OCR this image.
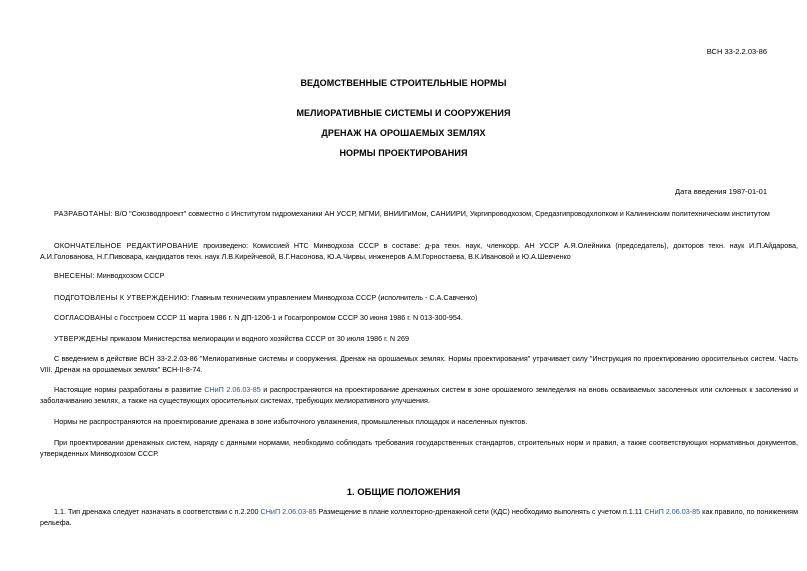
ВСН 33-2.2.03-86
ВЕДОМСТВЕННЫЕ СТРОИТЕЛЬНЫЕ НОРМЫ
МЕЛИОРАТИВНЫЕ СИСТЕМЫ И СООРУЖЕНИЯ
ДРЕНАЖ НА ОРОШАЕМЫХ ЗЕМЛЯХ
НОРМЫ ПРОЕКТИРОВАНИЯ
Дата введения 1987-01-01
РАЗРАБОТАНЫ: В/О "Союзводпроект" совместно с Институтом гидромеханики АН УССР, МГМИ, ВНИИГиМом, САНИИРИ, Укргипроводхозом, Средазгипроводхлопком и Калининским политехническим институтом
ОКОНЧАТЕЛЬНОЕ РЕДАКТИРОВАНИЕ произведено: Комиссией НТС Минводхоза СССР в составе: д-ра техн. наук, членкорр. АН УССР А.Я.Олейника (председатель), докторов техн. наук И.П.Айдарова, А.И.Голованова, Н.Г.Пивовара, кандидатов техн. наук Л.В.Кирейчевой, В.Г.Насонова, Ю.А.Чирвы, инженеров А.М.Горностаева, В.К.Ивановой и Ю.А.Шевченко
ВНЕСЕНЫ: Минводхозом СССР
ПОДГОТОВЛЕНЫ К УТВЕРЖДЕНИЮ: Главным техническим управлением Минводхоза СССР (исполнитель - С.А.Савченко)
СОГЛАСОВАНЫ с Госстроем СССР 11 марта 1986 г. N ДП-1206-1 и Госагропромом СССР 30 июня 1986 г. N 013-300-954.
УТВЕРЖДЕНЫ приказом Министерства мелиорации и водного хозяйства СССР от 30 июля 1986 г. N 269
С введением в действие ВСН 33-2.2.03-86 "Мелиоративные системы и сооружения. Дренаж на орошаемых землях. Нормы проектирования" утрачивает силу "Инструкция по проектированию оросительных систем. Часть VIII. Дренаж на орошаемых землях" ВСН-II-8-74.
Настоящие нормы разработаны в развитие СНиП 2.06.03-85 и распространяются на проектирование дренажных систем в зоне орошаемого земледелия на вновь осваиваемых засоленных или склонных к засолению и заболачиванию землях, а также на существующих оросительных системах, требующих мелиоративного улучшения.
Нормы не распространяются на проектирование дренажа в зоне избыточного увлажнения, промышленных площадок и населенных пунктов.
При проектировании дренажных систем, наряду с данными нормами, необходимо соблюдать требования государственных стандартов, строительных норм и правил, а также соответствующих нормативных документов, утвержденных Минводхозом СССР.
1. ОБЩИЕ ПОЛОЖЕНИЯ
1.1. Тип дренажа следует назначать в соответствии с п.2.200 СНиП 2.06.03-85 Размещение в плане коллекторно-дренажной сети (КДС) необходимо выполнять с учетом п.1.11 СНиП 2.06.03-85 как правило, по понижениям рельефа.
